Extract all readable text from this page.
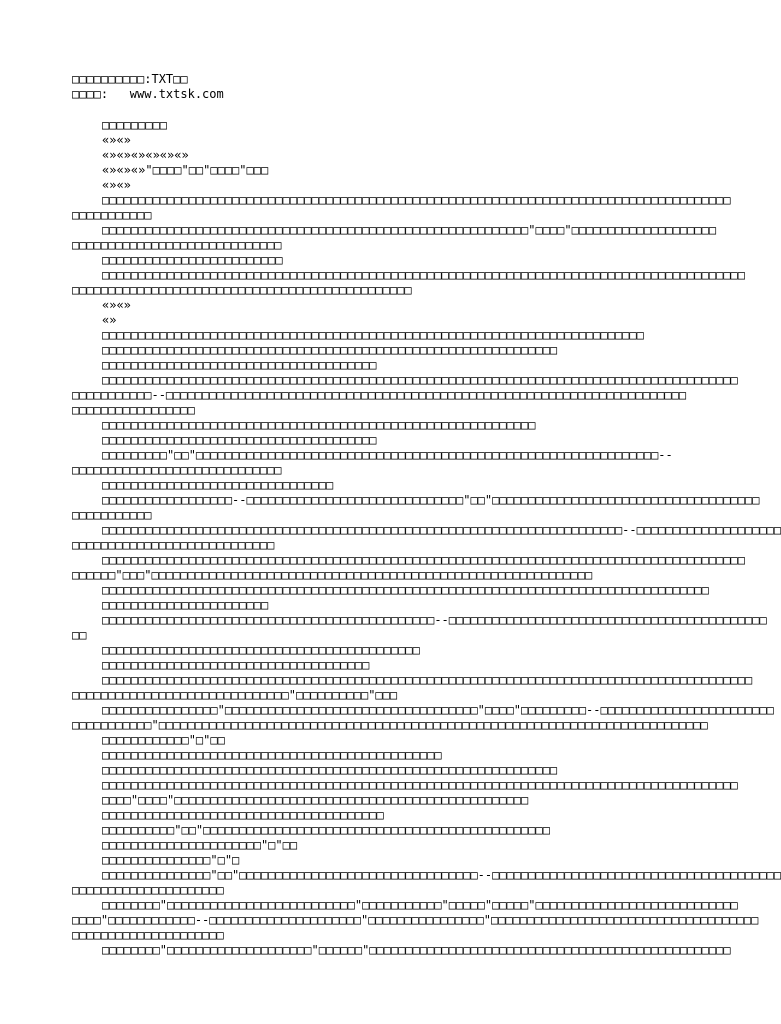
□□□□□□□□□□:TXT□□
□□□□:   www.txtsk.com
□□□□□□□□□
«»«»
«»«»«»«»«»«»
«»«»«»"□□□□"□□"□□□□"□□□
«»«»
□□□□□□□□□□□□□□□□□□□□□□□□□□□□□□□□□□□□□□□□□□□□□□□□□□□□□□□□□□□□□□□□□□□□□□□□□□□□□□□□□□□□□□□
□□□□□□□□□□□
□□□□□□□□□□□□□□□□□□□□□□□□□□□□□□□□□□□□□□□□□□□□□□□□□□□□□□□□□□□"□□□□"□□□□□□□□□□□□□□□□□□□□
□□□□□□□□□□□□□□□□□□□□□□□□□□□□□
□□□□□□□□□□□□□□□□□□□□□□□□□
□□□□□□□□□□□□□□□□□□□□□□□□□□□□□□□□□□□□□□□□□□□□□□□□□□□□□□□□□□□□□□□□□□□□□□□□□□□□□□□□□□□□□□□□□
□□□□□□□□□□□□□□□□□□□□□□□□□□□□□□□□□□□□□□□□□□□□□□□
«»«»
«»
□□□□□□□□□□□□□□□□□□□□□□□□□□□□□□□□□□□□□□□□□□□□□□□□□□□□□□□□□□□□□□□□□□□□□□□□□□□
□□□□□□□□□□□□□□□□□□□□□□□□□□□□□□□□□□□□□□□□□□□□□□□□□□□□□□□□□□□□□□□
□□□□□□□□□□□□□□□□□□□□□□□□□□□□□□□□□□□□□□
□□□□□□□□□□□□□□□□□□□□□□□□□□□□□□□□□□□□□□□□□□□□□□□□□□□□□□□□□□□□□□□□□□□□□□□□□□□□□□□□□□□□□□□□
□□□□□□□□□□□--□□□□□□□□□□□□□□□□□□□□□□□□□□□□□□□□□□□□□□□□□□□□□□□□□□□□□□□□□□□□□□□□□□□□□□□□
□□□□□□□□□□□□□□□□□
□□□□□□□□□□□□□□□□□□□□□□□□□□□□□□□□□□□□□□□□□□□□□□□□□□□□□□□□□□□□
□□□□□□□□□□□□□□□□□□□□□□□□□□□□□□□□□□□□□□
□□□□□□□□□"□□"□□□□□□□□□□□□□□□□□□□□□□□□□□□□□□□□□□□□□□□□□□□□□□□□□□□□□□□□□□□□□□□□--
□□□□□□□□□□□□□□□□□□□□□□□□□□□□□
□□□□□□□□□□□□□□□□□□□□□□□□□□□□□□□□
□□□□□□□□□□□□□□□□□□--□□□□□□□□□□□□□□□□□□□□□□□□□□□□□□"□□"□□□□□□□□□□□□□□□□□□□□□□□□□□□□□□□□□□□□□
□□□□□□□□□□□
□□□□□□□□□□□□□□□□□□□□□□□□□□□□□□□□□□□□□□□□□□□□□□□□□□□□□□□□□□□□□□□□□□□□□□□□--□□□□□□□□□□□□□□□□□□□□
□□□□□□□□□□□□□□□□□□□□□□□□□□□□
□□□□□□□□□□□□□□□□□□□□□□□□□□□□□□□□□□□□□□□□□□□□□□□□□□□□□□□□□□□□□□□□□□□□□□□□□□□□□□□□□□□□□□□□□
□□□□□□"□□□"□□□□□□□□□□□□□□□□□□□□□□□□□□□□□□□□□□□□□□□□□□□□□□□□□□□□□□□□□□□□□
□□□□□□□□□□□□□□□□□□□□□□□□□□□□□□□□□□□□□□□□□□□□□□□□□□□□□□□□□□□□□□□□□□□□□□□□□□□□□□□□□□□□
□□□□□□□□□□□□□□□□□□□□□□□
□□□□□□□□□□□□□□□□□□□□□□□□□□□□□□□□□□□□□□□□□□□□□□--□□□□□□□□□□□□□□□□□□□□□□□□□□□□□□□□□□□□□□□□□□□□
□□
□□□□□□□□□□□□□□□□□□□□□□□□□□□□□□□□□□□□□□□□□□□□
□□□□□□□□□□□□□□□□□□□□□□□□□□□□□□□□□□□□□
□□□□□□□□□□□□□□□□□□□□□□□□□□□□□□□□□□□□□□□□□□□□□□□□□□□□□□□□□□□□□□□□□□□□□□□□□□□□□□□□□□□□□□□□□□
□□□□□□□□□□□□□□□□□□□□□□□□□□□□□□"□□□□□□□□□□"□□□
□□□□□□□□□□□□□□□□"□□□□□□□□□□□□□□□□□□□□□□□□□□□□□□□□□□□"□□□□"□□□□□□□□□--□□□□□□□□□□□□□□□□□□□□□□□□
□□□□□□□□□□□"□□□□□□□□□□□□□□□□□□□□□□□□□□□□□□□□□□□□□□□□□□□□□□□□□□□□□□□□□□□□□□□□□□□□□□□□□□□□
□□□□□□□□□□□□"□"□□
□□□□□□□□□□□□□□□□□□□□□□□□□□□□□□□□□□□□□□□□□□□□□□□
□□□□□□□□□□□□□□□□□□□□□□□□□□□□□□□□□□□□□□□□□□□□□□□□□□□□□□□□□□□□□□□
□□□□□□□□□□□□□□□□□□□□□□□□□□□□□□□□□□□□□□□□□□□□□□□□□□□□□□□□□□□□□□□□□□□□□□□□□□□□□□□□□□□□□□□□
□□□□"□□□□"□□□□□□□□□□□□□□□□□□□□□□□□□□□□□□□□□□□□□□□□□□□□□□□□□
□□□□□□□□□□□□□□□□□□□□□□□□□□□□□□□□□□□□□□□
□□□□□□□□□□"□□"□□□□□□□□□□□□□□□□□□□□□□□□□□□□□□□□□□□□□□□□□□□□□□□□
□□□□□□□□□□□□□□□□□□□□□□"□"□□
□□□□□□□□□□□□□□□"□"□
□□□□□□□□□□□□□□□"□□"□□□□□□□□□□□□□□□□□□□□□□□□□□□□□□□□□--□□□□□□□□□□□□□□□□□□□□□□□□□□□□□□□□□□□□□□□□
□□□□□□□□□□□□□□□□□□□□□
□□□□□□□□"□□□□□□□□□□□□□□□□□□□□□□□□□□"□□□□□□□□□□□"□□□□□"□□□□□"□□□□□□□□□□□□□□□□□□□□□□□□□□□□
□□□□"□□□□□□□□□□□□--□□□□□□□□□□□□□□□□□□□□□"□□□□□□□□□□□□□□□□"□□□□□□□□□□□□□□□□□□□□□□□□□□□□□□□□□□□□□
□□□□□□□□□□□□□□□□□□□□□
□□□□□□□□"□□□□□□□□□□□□□□□□□□□□"□□□□□□"□□□□□□□□□□□□□□□□□□□□□□□□□□□□□□□□□□□□□□□□□□□□□□□□□□
